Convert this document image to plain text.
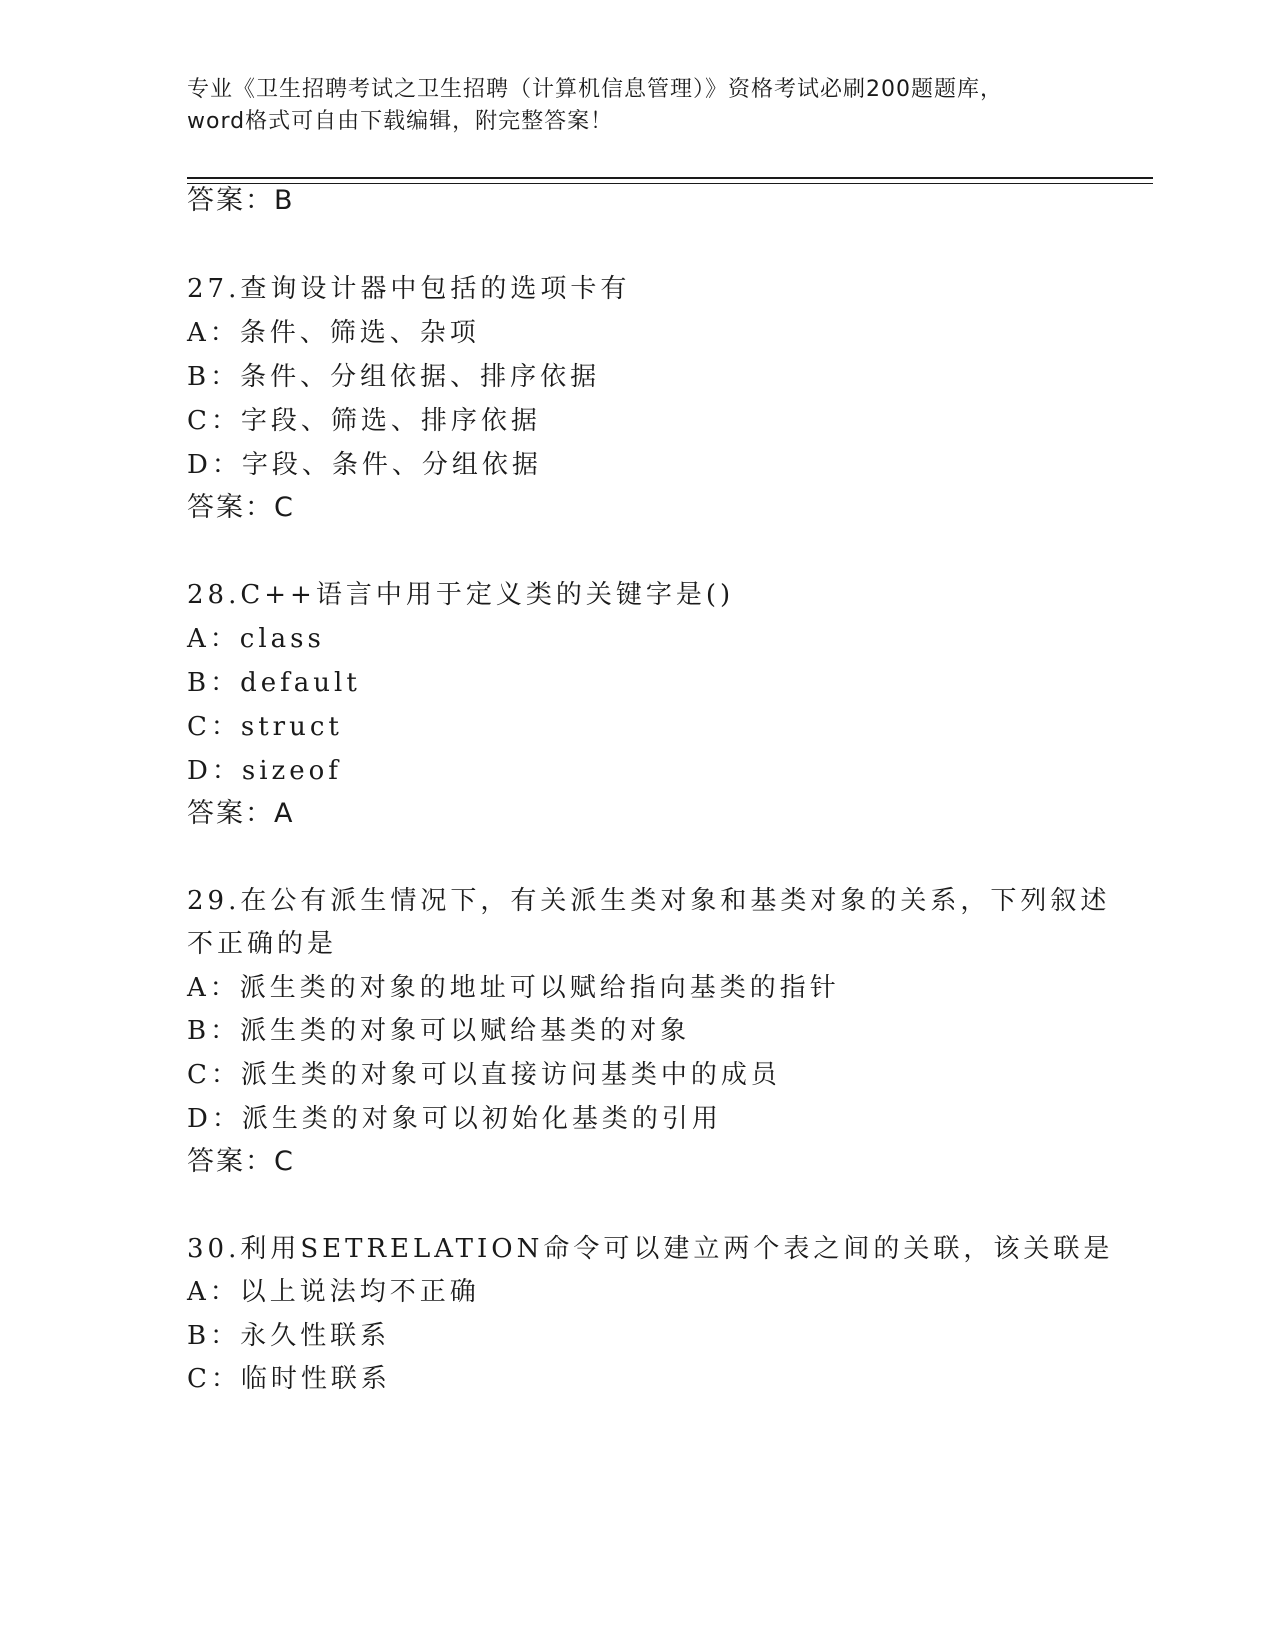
专业《卫生招聘考试之卫生招聘（计算机信息管理）》资格考试必刷200题题库，
word格式可自由下载编辑，附完整答案！
答案：B
27.查询设计器中包括的选项卡有
A：条件、筛选、杂项
B：条件、分组依据、排序依据
C：字段、筛选、排序依据
D：字段、条件、分组依据
答案：C
28.C++语言中用于定义类的关键字是()
A：class
B：default
C：struct
D：sizeof
答案：A
29.在公有派生情况下，有关派生类对象和基类对象的关系，下列叙述
不正确的是
A：派生类的对象的地址可以赋给指向基类的指针
B：派生类的对象可以赋给基类的对象
C：派生类的对象可以直接访问基类中的成员
D：派生类的对象可以初始化基类的引用
答案：C
30.利用SETRELATION命令可以建立两个表之间的关联，该关联是
A：以上说法均不正确
B：永久性联系
C：临时性联系
